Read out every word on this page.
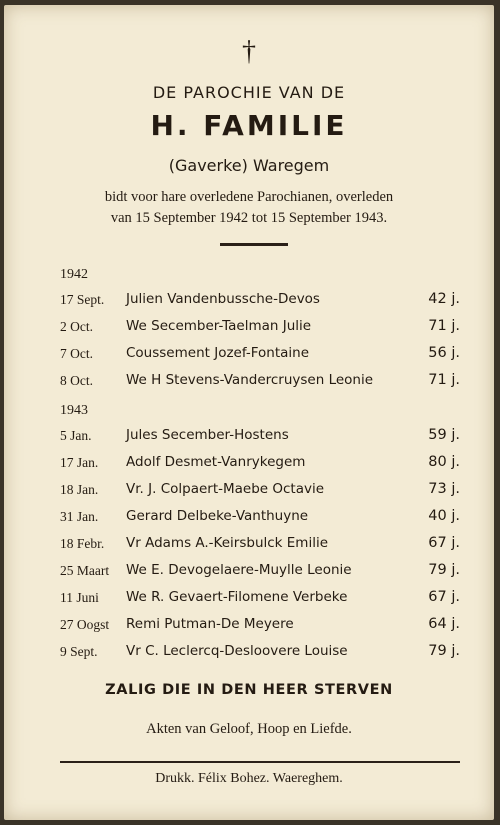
†
DE PAROCHIE VAN DE
H. FAMILIE
(Gaverke) Waregem
bidt voor hare overledene Parochianen, overleden
van 15 September 1942 tot 15 September 1943.
1942
17 Sept. Julien Vandenbussche-Devos	42 j.
2 Oct. We Secember-Taelman Julie	71 j.
7 Oct. Coussement Jozef-Fontaine	56 j.
8 Oct. We H Stevens-Vandercruysen Leonie	71 j.
1943
5 Jan.	Jules Secember-Hostens	59 j.
17 Jan. Adolf Desmet-Vanrykegem	80 j.
18 Jan. Vr. J. Colpaert-Maebe Octavie	73 j.
31 Jan. Gerard Delbeke-Vanthuyne	40 j.
18 Febr. Vr Adams A.-Keirsbulck Emilie	67 j.
25 Maart We E. Devogelaere-Muylle Leonie	79 j.
11 Juni We R. Gevaert-Filomene Verbeke	67 j.
27 Oogst Remi Putman-De Meyere	64 j.
9 Sept. Vr C. Leclercq-Desloovere Louise	79 j.
ZALIG DIE IN DEN HEER STERVEN
Akten van Geloof, Hoop en Liefde.
Drukk. Félix Bohez. Waereghem.
